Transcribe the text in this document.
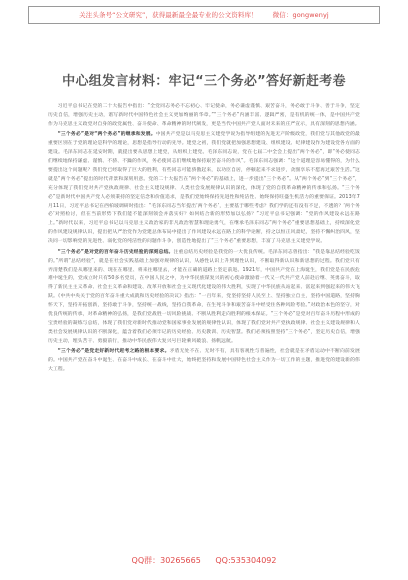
关注头条号“公文研究”，获得最新最全最专业的公文资料库！ 　 微信：gongwenyj
中心组发言材料：牢记“三个务必”答好新赶考卷

习近平总书记在党的二十大报告中指出：“全党同志务必不忘初心、牢记使命，务必谦虚谨慎、艰苦奋斗，务必敢于斗争、善于斗争，坚定历史自信，增强历史主动，谱写新时代中国特色社会主义更加绚丽的华章。”“三个务必”内涵丰富、逻辑严密，是有机的统一体，是中国共产党作为马克思主义政党对自身的政党属性、奋斗使命、革命精神的时代阐发，更是当代中国共产党人面对未来的庄严宣示，具有深刻的思想内涵。

“三个务必”是对“两个务必”的继承和发展。中国共产党是以马克思主义建党学说为指导组建的先进无产阶级政党，我们党与其他政党的最重要区别在于党的理论是科学的理论，思想是指导行动的先导。建党之初，我们党就把加强思想建设、组织建设、纪律建设作为建设党各方面的建设。毛泽东同志在延安时期，就提出要从思想上建党，从组织上建党。毛泽东同志说，党在七届二中全会上提出“两个务必”，即“务必使同志们继续地保持谦虚、谨慎、不骄、不躁的作风，务必使同志们继续地保持艰苦奋斗的作风”。毛泽东同志强调：“这个道理是容易懂得的，为什么要提出这个问题呢？我们党已经取得了巨大的胜利，有些同志可能骄傲起来，以功臣自居，停顿起来不求进步，贪图享乐不愿再过艰苦生活。”这就是“两个务必”提出的时代背景和深刻用意。党的二十大报告在“两个务必”的基础上，进一步提出“三个务必”。从“两个务必”到“三个务必”，充分体现了我们党对共产党执政规律、社会主义建设规律、人类社会发展规律认识的深化，体现了党的自我革命精神的传承和弘扬。“三个务必”是新时代中国共产党人必须秉持的坚定信念和价值追求，是我们党始终保持先进性和纯洁性、始终保持旺盛生机活力的重要保证。2013年7月11日，习近平总书记在西柏坡调研时指出：“毛泽东同志当年提出‘两个务必’，主要基于哪些考虑？我们学的还有没有不足，不透的？‘两个务必’对照检讨，但在当前形势下我们能不能深刻领会并落实好？如何结合新的形势加以弘扬？”习近平总书记强调：“党的作风建设永远在路上。”新时代以来，习近平总书记以马克思主义政治家的非凡政治智慧和理论勇气，在继承毛泽东同志“两个务必”重要思想基础上，持续深化党的作风建设规律认识，提出把从严治党作为党建总体布局中提出了作风建设永远在路上的科学论断，持之以恒正风肃纪，坚持不懈纠治四风，坚决同一切影响党的先进性、弱化党的纯洁性的问题作斗争，创造性地提出了“三个务必”重要思想，丰富了马克思主义建党学说。

“三个务必”是对党的百年奋斗历史经验的深刻总结。注重总结历史经验是我党的一大优良传统。毛泽东同志曾指出：“我是靠总结经验吃饭的。”所谓“总结经验”，就是在社会实践基础上加强对规律的认识，从感性认识上升到理性认识，不断取得新认识和新思想的过程。我们党只有弄清楚我们是从哪里来的、现在在哪里、将来往哪里去，才能在正确的道路上坚定前进。1921年，中国共产党在上海诞生，我们党是在民族危难中诞生的，党成立时只有50多名党员，在中国人民之中，为中华民族谋复兴的初心使命激励着一代又一代共产党人前赴后继、英勇奋斗，取得了新民主主义革命、社会主义革命和建设、改革开放和社会主义现代化建设的伟大胜利，实现了中华民族从站起来、富起来到强起来的伟大飞跃。《中共中央关于党的百年奋斗重大成就和历史经验的决议》指出：“一百年来，党坚持坚持人民至上、坚持独立自主，坚持中国道路，坚持胸怀天下，坚持开拓创新，坚持敢于斗争，坚持统一战线，坚持自我革命，在生死斗争和艰苦奋斗中经受住各种风险考验。”对政治本色的坚守，对优良传统的传承，对革命精神的弘扬，是我们党战胜一切风险挑战、不断从胜利走向胜利的根本保证。“三个务必”是党对百年奋斗历程中形成的宝贵经验的凝练与总结，体现了我们党对新时代推动党和国家事业发展的规律性认识，体现了我们党对共产党执政规律、社会主义建设规律和人类社会发展规律认识的不断深化，蕴含着我们必须牢记的历史经验、历史教训、历史智慧。我们必须按照坚持“三个务必”，坚定历史自信，增强历史主动，埋头苦干、勇毅前行，推动中华民族伟大复兴号巨轮乘风破浪、扬帆远航。

“三个务必”是党走好新时代赶考之路的根本要求。矛盾无处不在、无时不有，具有客观性与普遍性，社会就是在矛盾运动中不断向前发展的。中国共产党在奋斗中诞生、在奋斗中成长、在奋斗中壮大，始终把坚持和发展中国特色社会主义作为一切工作的主题，推进党的建设新的伟大工程。

QQ群：30265665 QQ:535304092
